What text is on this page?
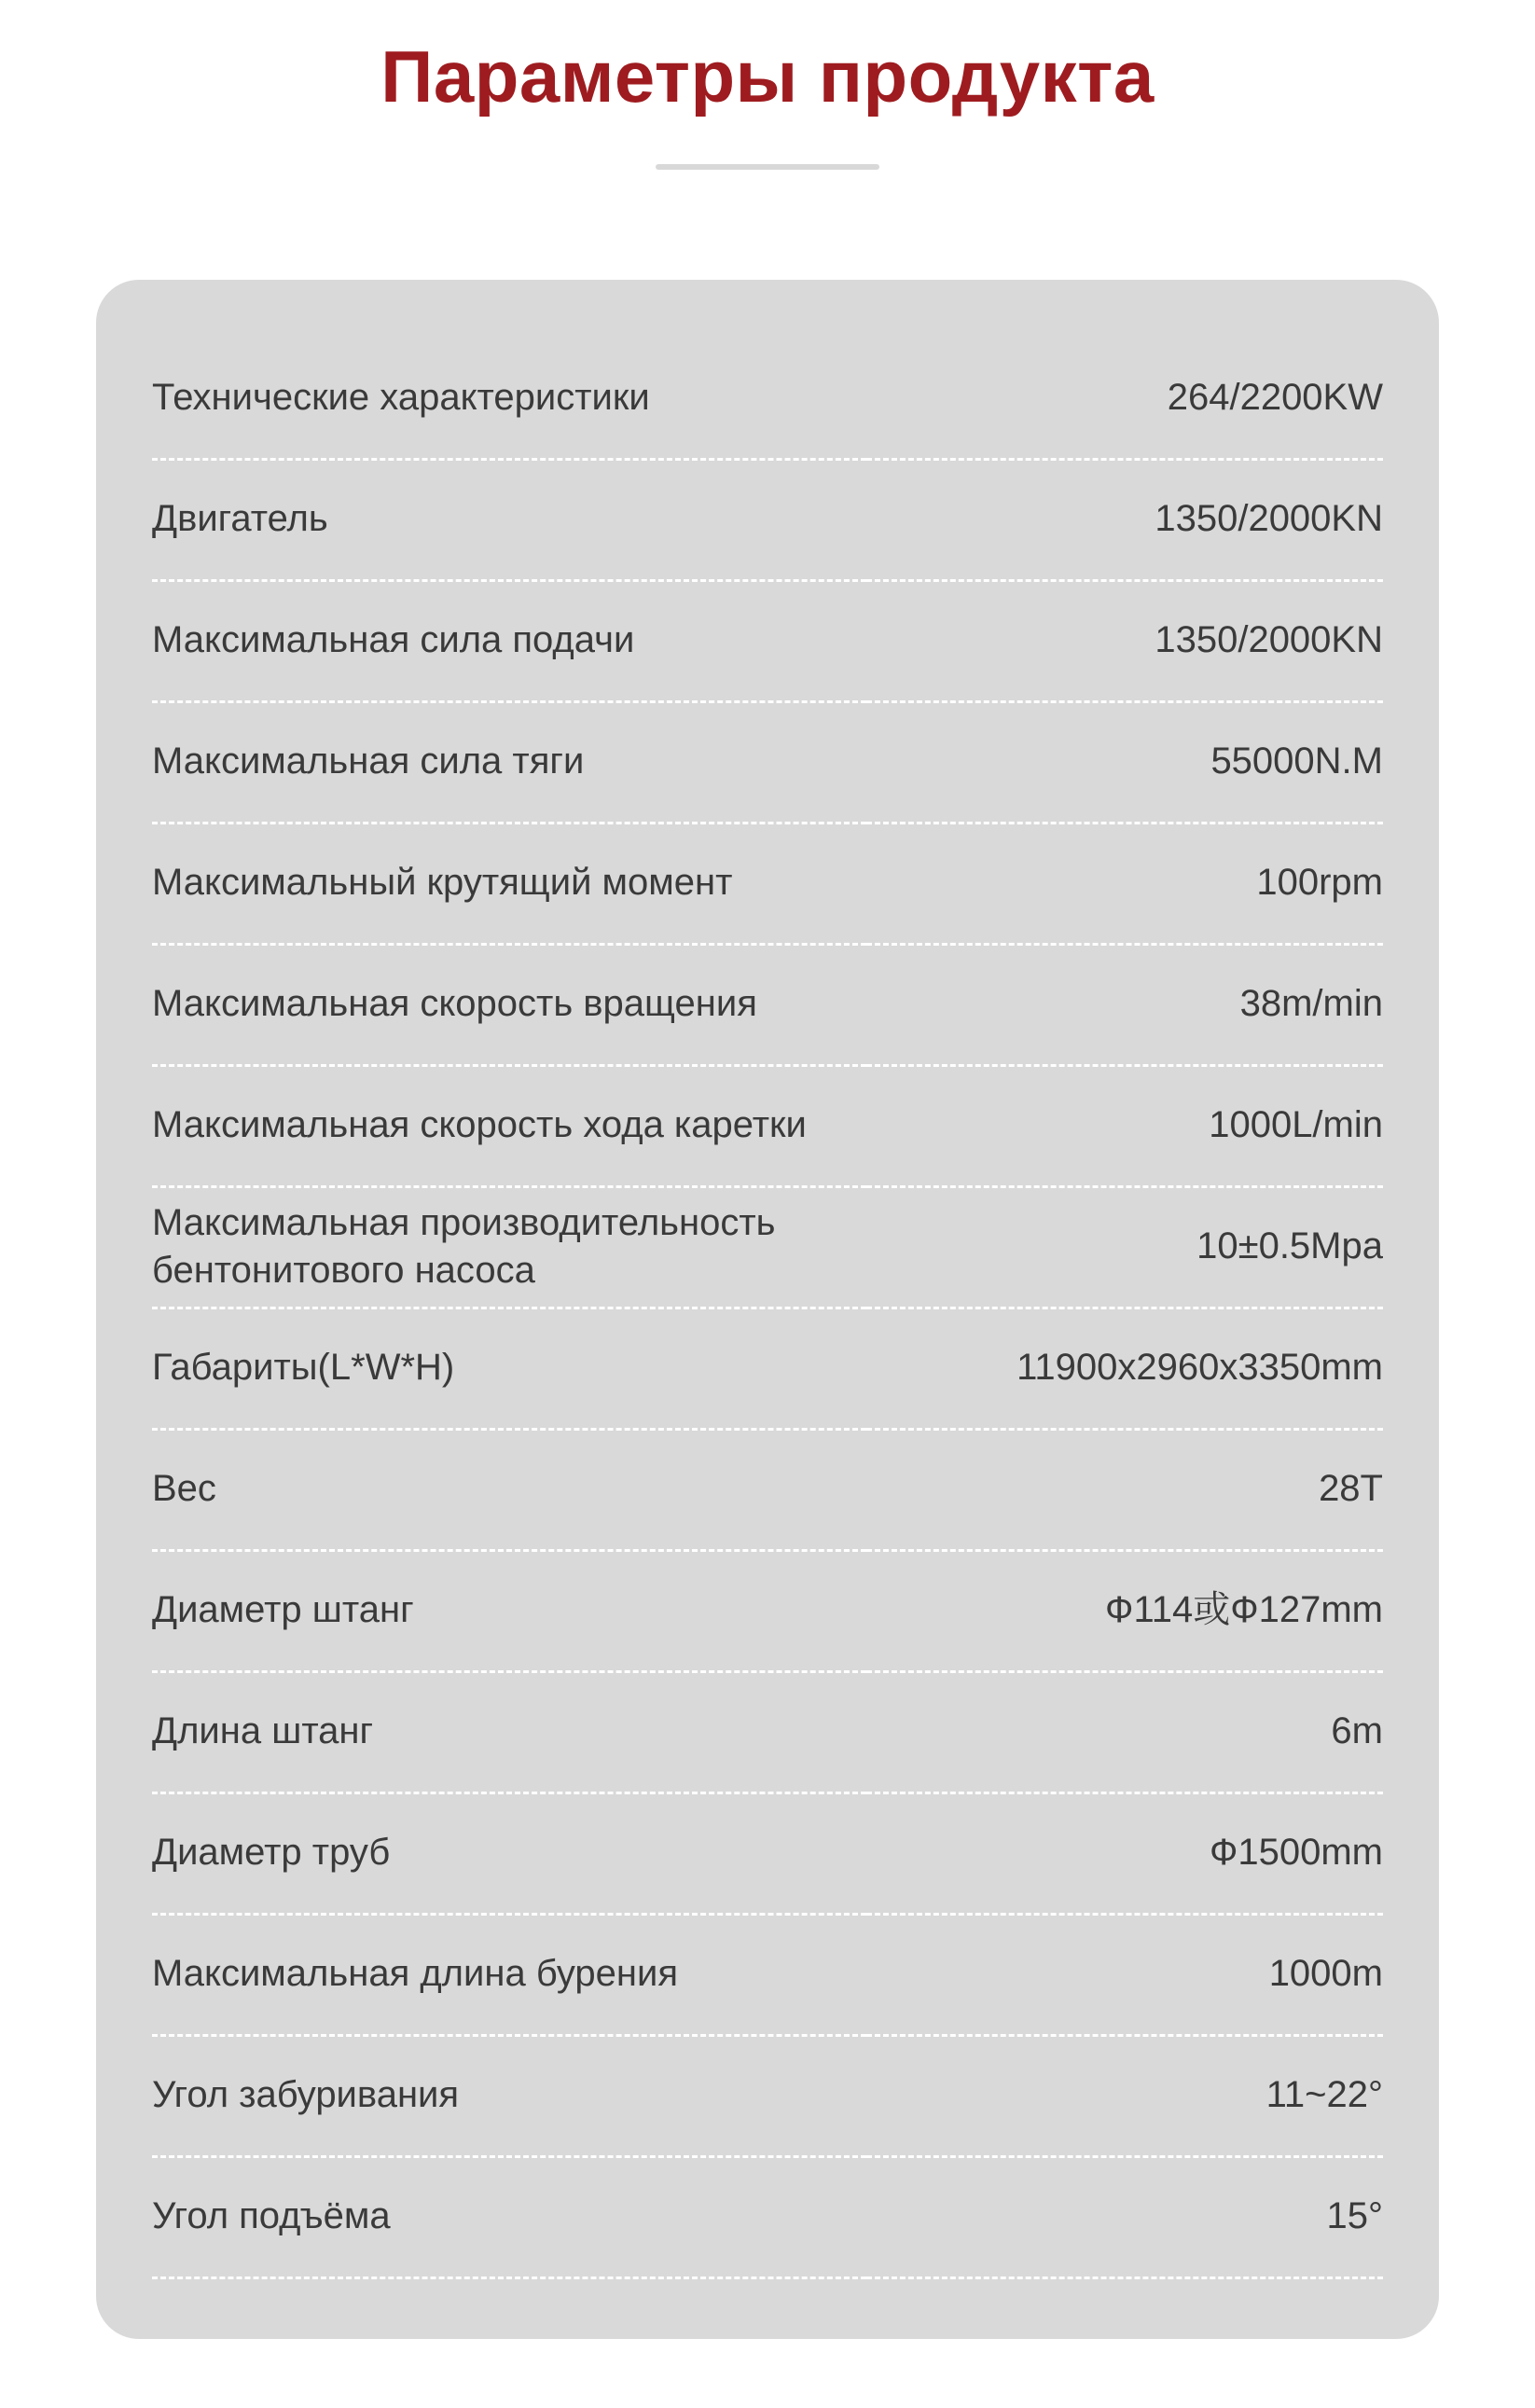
Параметры продукта
Технические характеристики	264/2200KW
Двигатель	1350/2000KN
Максимальная сила подачи	1350/2000KN
Максимальная сила тяги	55000N.M
Максимальный крутящий момент	100rpm
Максимальная скорость вращения	38m/min
Максимальная скорость хода каретки	1000L/min
Максимальная производительность бентонитового насоса	10±0.5Mpa
Габариты(L*W*H)	11900x2960x3350mm
Вес	28T
Диаметр штанг	Ф114或Ф127mm
Длина штанг	6m
Диаметр труб	Ф1500mm
Максимальная длина бурения	1000m
Угол забуривания	11~22°
Угол подъёма	15°
